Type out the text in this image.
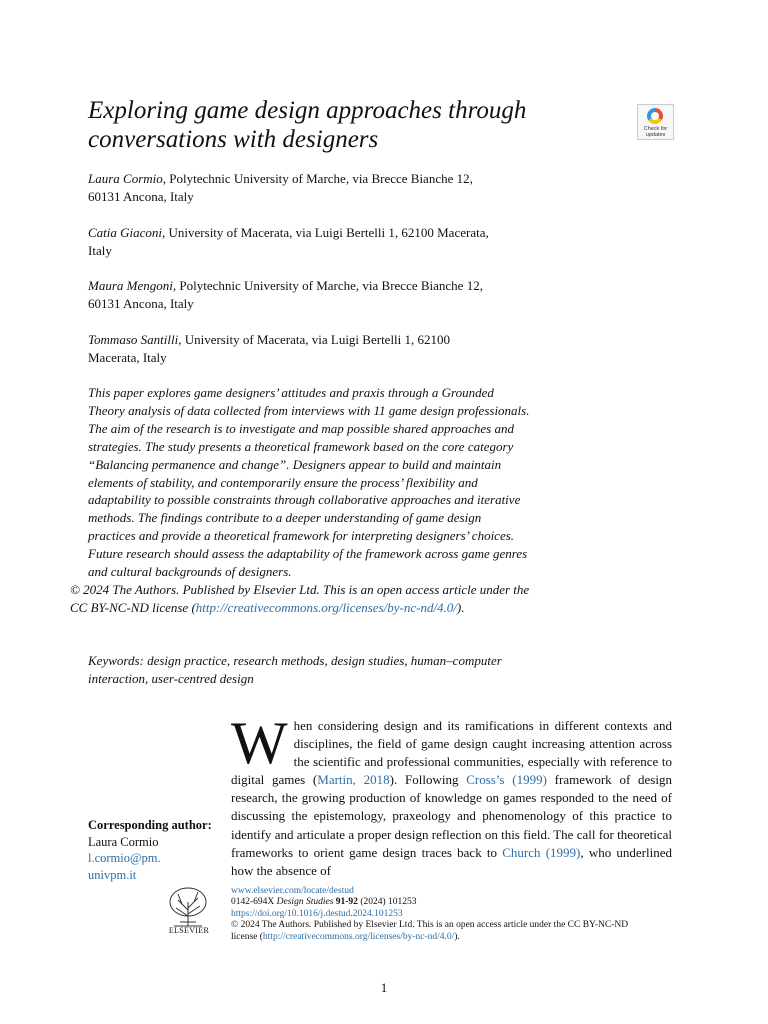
Exploring game design approaches through conversations with designers	Check for
updates
Laura Cormio, Polytechnic University of Marche, via Brecce Bianche 12,
60131 Ancona, Italy
Catia Giaconi, University of Macerata, via Luigi Bertelli 1, 62100 Macerata,
Italy
Maura Mengoni, Polytechnic University of Marche, via Brecce Bianche 12,
60131 Ancona, Italy
Tommaso Santilli, University of Macerata, via Luigi Bertelli 1, 62100
Macerata, Italy
This paper explores game designers’ attitudes and praxis through a Grounded Theory analysis of data collected from interviews with 11 game design professionals. The aim of the research is to investigate and map possible shared approaches and strategies. The study presents a theoretical framework based on the core category “Balancing permanence and change”. Designers appear to build and maintain elements of stability, and contemporarily ensure the process’ flexibility and adaptability to possible constraints through collaborative approaches and iterative methods. The findings contribute to a deeper understanding of game design practices and provide a theoretical framework for interpreting designers’ choices. Future research should assess the adaptability of the framework across game genres and cultural backgrounds of designers.
© 2024 The Authors. Published by Elsevier Ltd. This is an open access article under the CC BY-NC-ND license (http://creativecommons.org/licenses/by-nc-nd/4.0/).
Keywords: design practice, research methods, design studies, human–computer interaction, user-centred design
When considering design and its ramifications in different contexts and disciplines, the field of game design caught increasing attention across the scientific and professional communities, especially with reference to digital games (Martin, 2018). Following Cross’s (1999) framework of design research, the growing production of knowledge on games responded to the need of discussing the epistemology, praxeology and phenomenology of this practice to identify and articulate a proper design reflection on this field. The call for theoretical frameworks to orient game design traces back to Church (1999), who underlined how the absence of
Corresponding author:
Laura Cormio
l.cormio@pm.
univpm.it
ELSEVIER
www.elsevier.com/locate/destud
0142-694X Design Studies 91-92 (2024) 101253
https://doi.org/10.1016/j.destud.2024.101253
© 2024 The Authors. Published by Elsevier Ltd. This is an open access article under the CC BY-NC-ND
license (http://creativecommons.org/licenses/by-nc-nd/4.0/).
1
